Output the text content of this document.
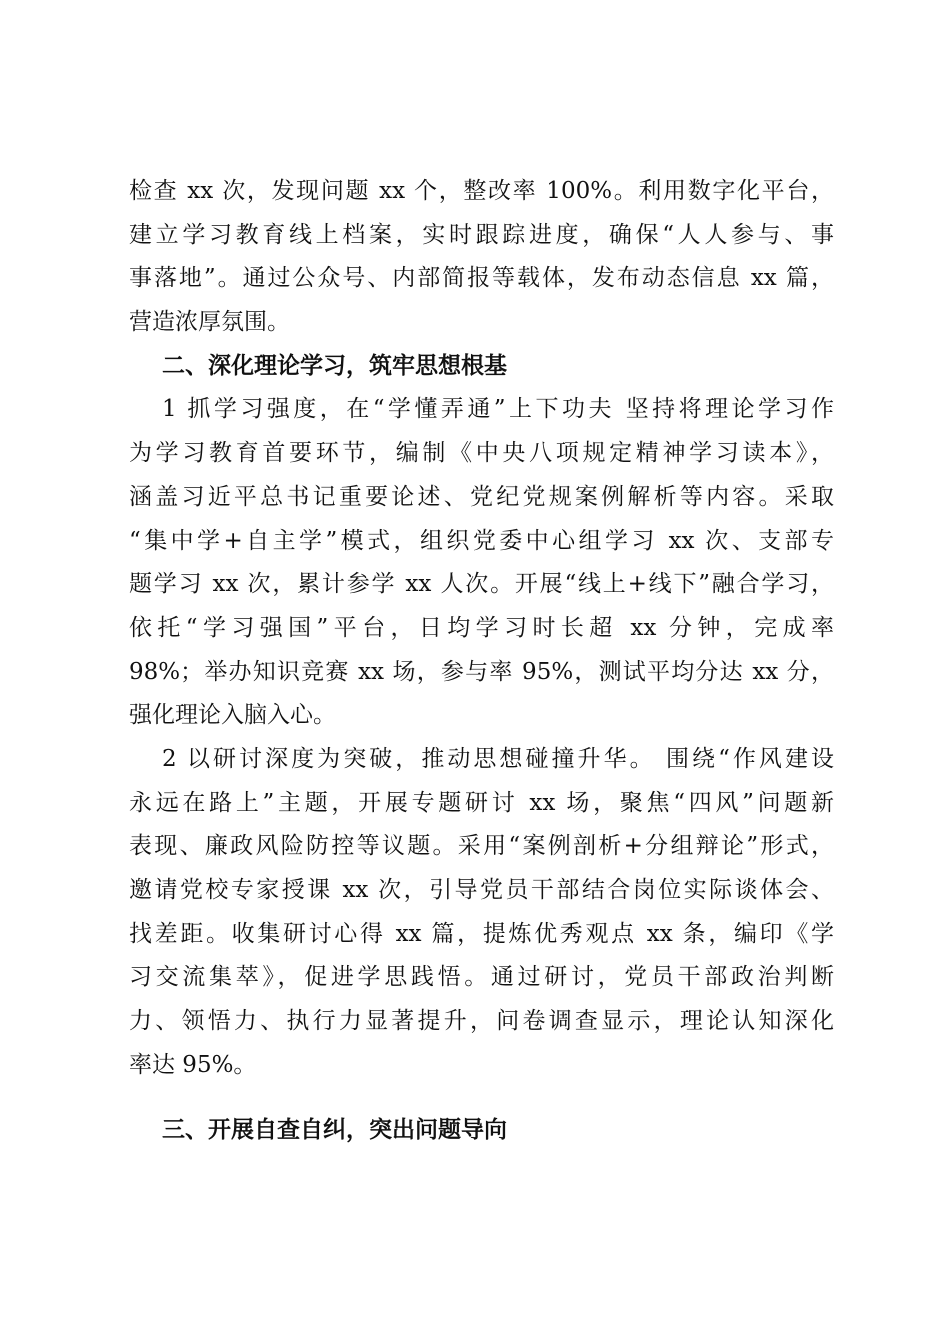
检查 xx 次，发现问题 xx 个，整改率 100%。利用数字化平台，
建立学习教育线上档案，实时跟踪进度，确保“人人参与、事
事落地”。通过公众号、内部简报等载体，发布动态信息 xx 篇，
营造浓厚氛围。
二、深化理论学习，筑牢思想根基
1 抓学习强度，在“学懂弄通”上下功夫 坚持将理论学习作
为学习教育首要环节，编制《中央八项规定精神学习读本》，
涵盖习近平总书记重要论述、党纪党规案例解析等内容。采取
“集中学+自主学”模式，组织党委中心组学习 xx 次、支部专
题学习 xx 次，累计参学 xx 人次。开展“线上+线下”融合学习，
依托“学习强国”平台，日均学习时长超 xx 分钟，完成率
98%；举办知识竞赛 xx 场，参与率 95%，测试平均分达 xx 分，
强化理论入脑入心。
2 以研讨深度为突破，推动思想碰撞升华。 围绕“作风建设
永远在路上”主题，开展专题研讨 xx 场，聚焦“四风”问题新
表现、廉政风险防控等议题。采用“案例剖析+分组辩论”形式，
邀请党校专家授课 xx 次，引导党员干部结合岗位实际谈体会、
找差距。收集研讨心得 xx 篇，提炼优秀观点 xx 条，编印《学
习交流集萃》，促进学思践悟。通过研讨，党员干部政治判断
力、领悟力、执行力显著提升，问卷调查显示，理论认知深化
率达 95%。
三、开展自查自纠，突出问题导向
